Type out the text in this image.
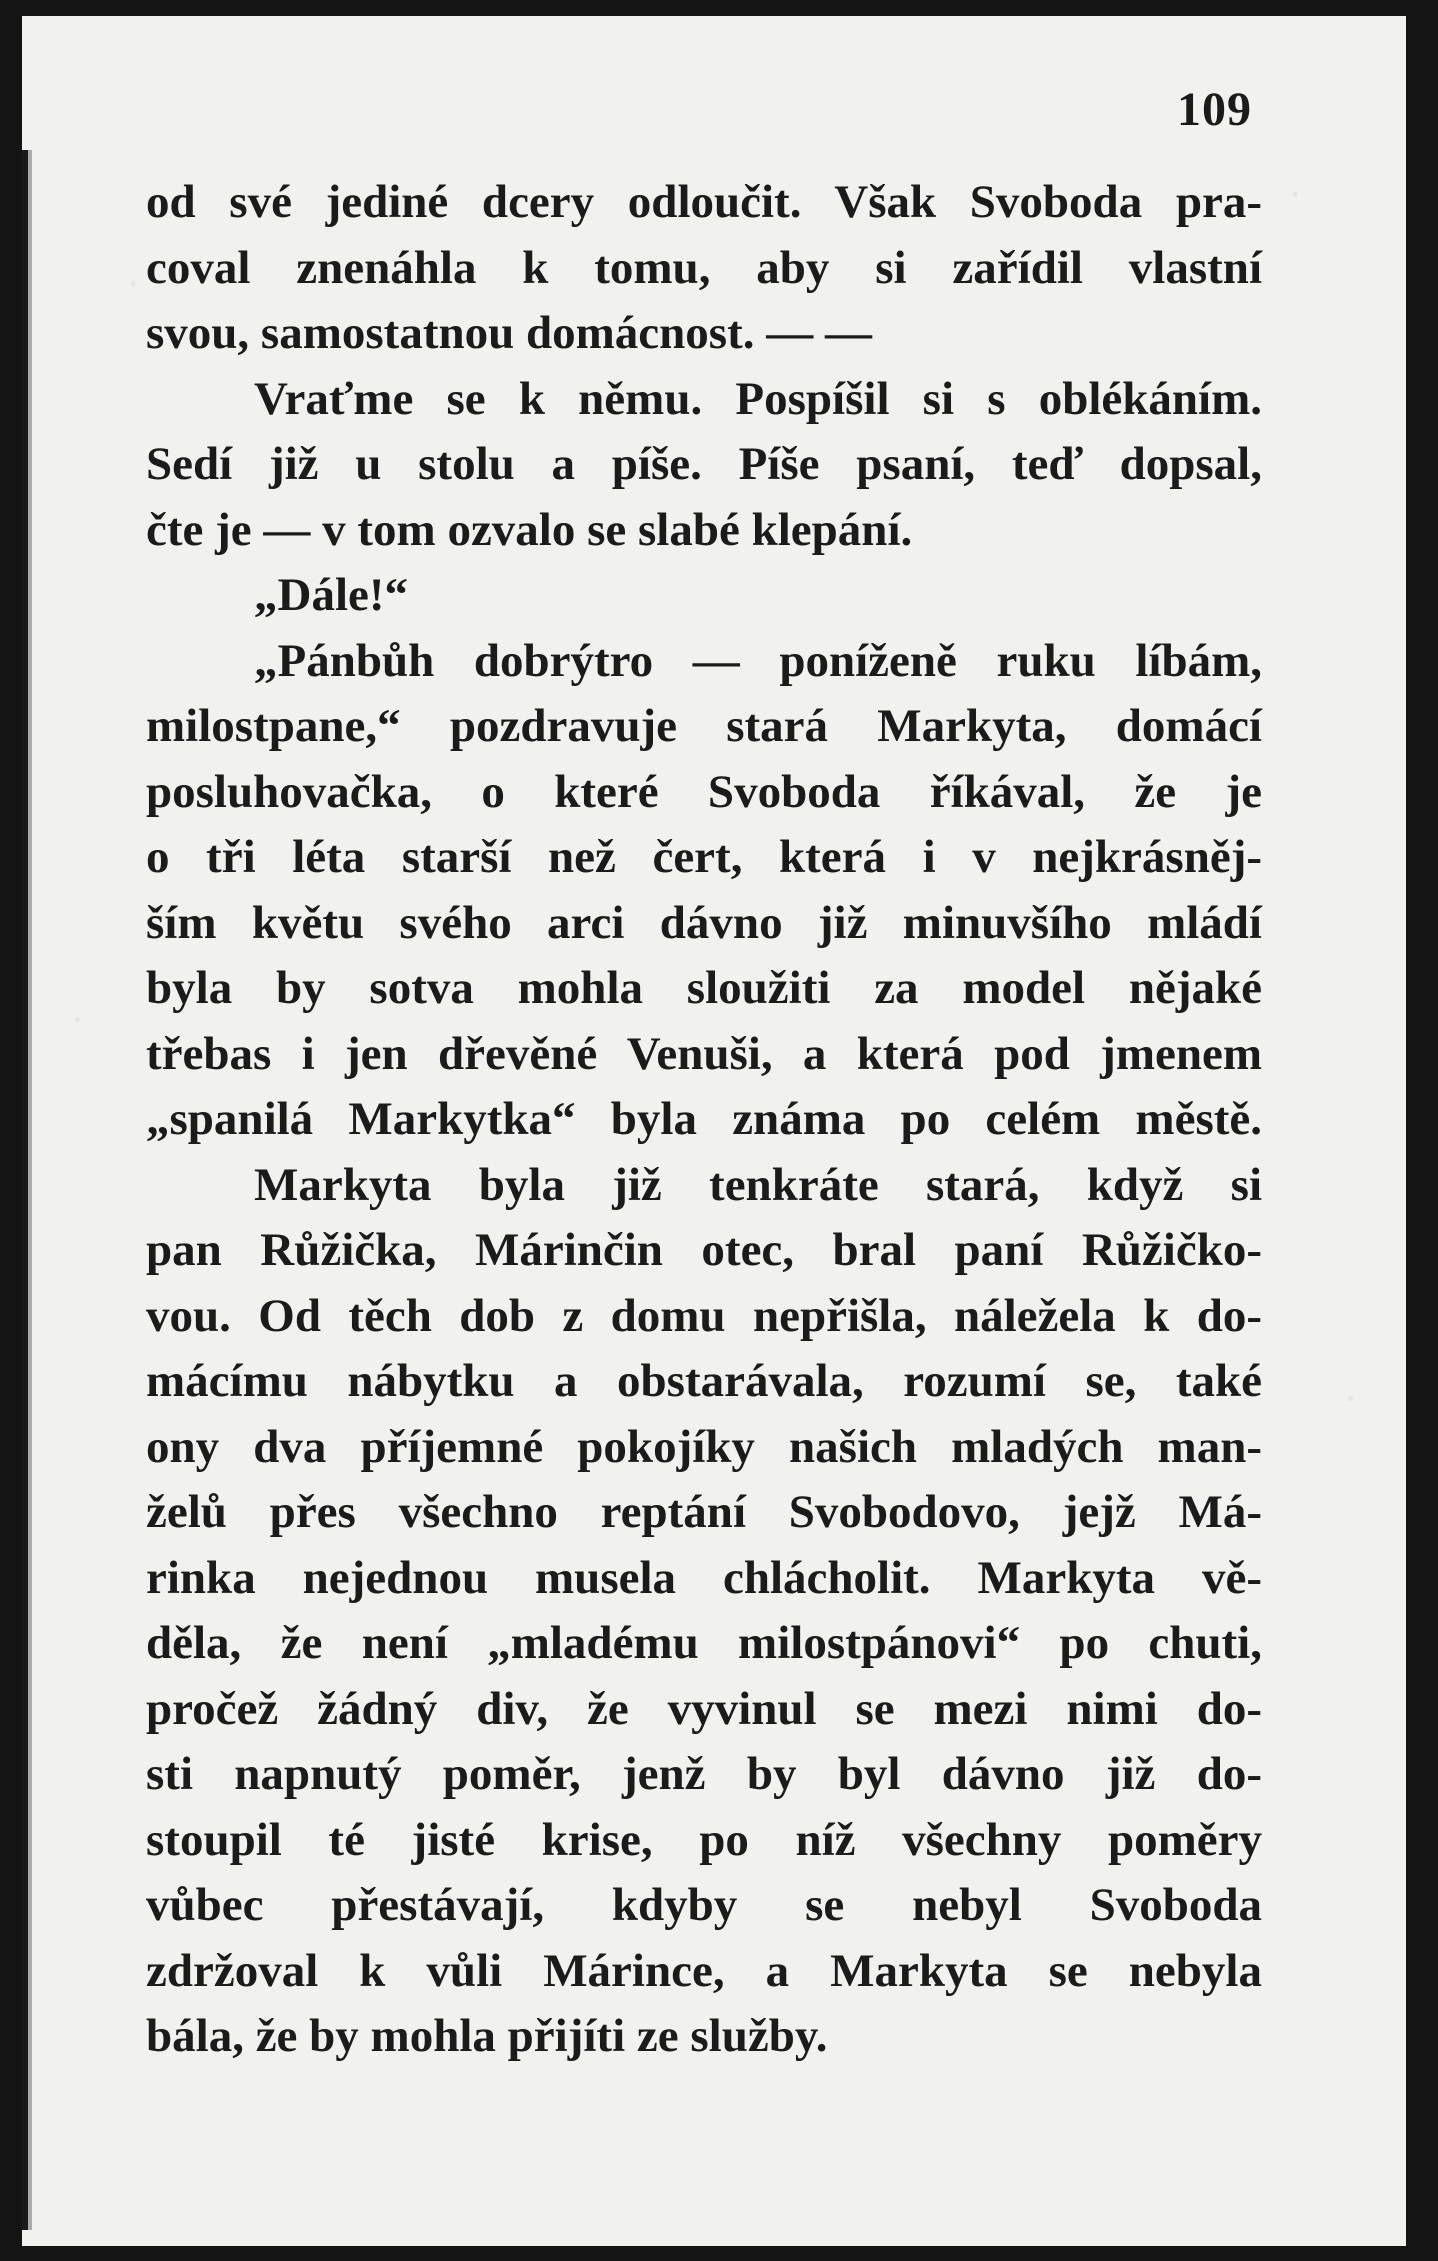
109
od své jediné dcery odloučit. Však Svoboda pra-
coval znenáhla k tomu, aby si zařídil vlastní
svou, samostatnou domácnost. — —
Vraťme se k němu. Pospíšil si s oblékáním.
Sedí již u stolu a píše. Píše psaní, teď dopsal,
čte je — v tom ozvalo se slabé klepání.
„Dále!“
„Pánbůh dobrýtro — poníženě ruku líbám,
milostpane,“ pozdravuje stará Markyta, domácí
posluhovačka, o které Svoboda říkával, že je
o tři léta starší než čert, která i v nejkrásněj-
ším květu svého arci dávno již minuvšího mládí
byla by sotva mohla sloužiti za model nějaké
třebas i jen dřevěné Venuši, a která pod jmenem
„spanilá Markytka“ byla známa po celém městě.
Markyta byla již tenkráte stará, když si
pan Růžička, Márinčin otec, bral paní Růžičko-
vou. Od těch dob z domu nepřišla, náležela k do-
mácímu nábytku a obstarávala, rozumí se, také
ony dva příjemné pokojíky našich mladých man-
želů přes všechno reptání Svobodovo, jejž Má-
rinka nejednou musela chlácholit. Markyta vě-
děla, že není „mladému milostpánovi“ po chuti,
pročež žádný div, že vyvinul se mezi nimi do-
sti napnutý poměr, jenž by byl dávno již do-
stoupil té jisté krise, po níž všechny poměry
vůbec přestávají, kdyby se nebyl Svoboda
zdržoval k vůli Márince, a Markyta se nebyla
bála, že by mohla přijíti ze služby.
